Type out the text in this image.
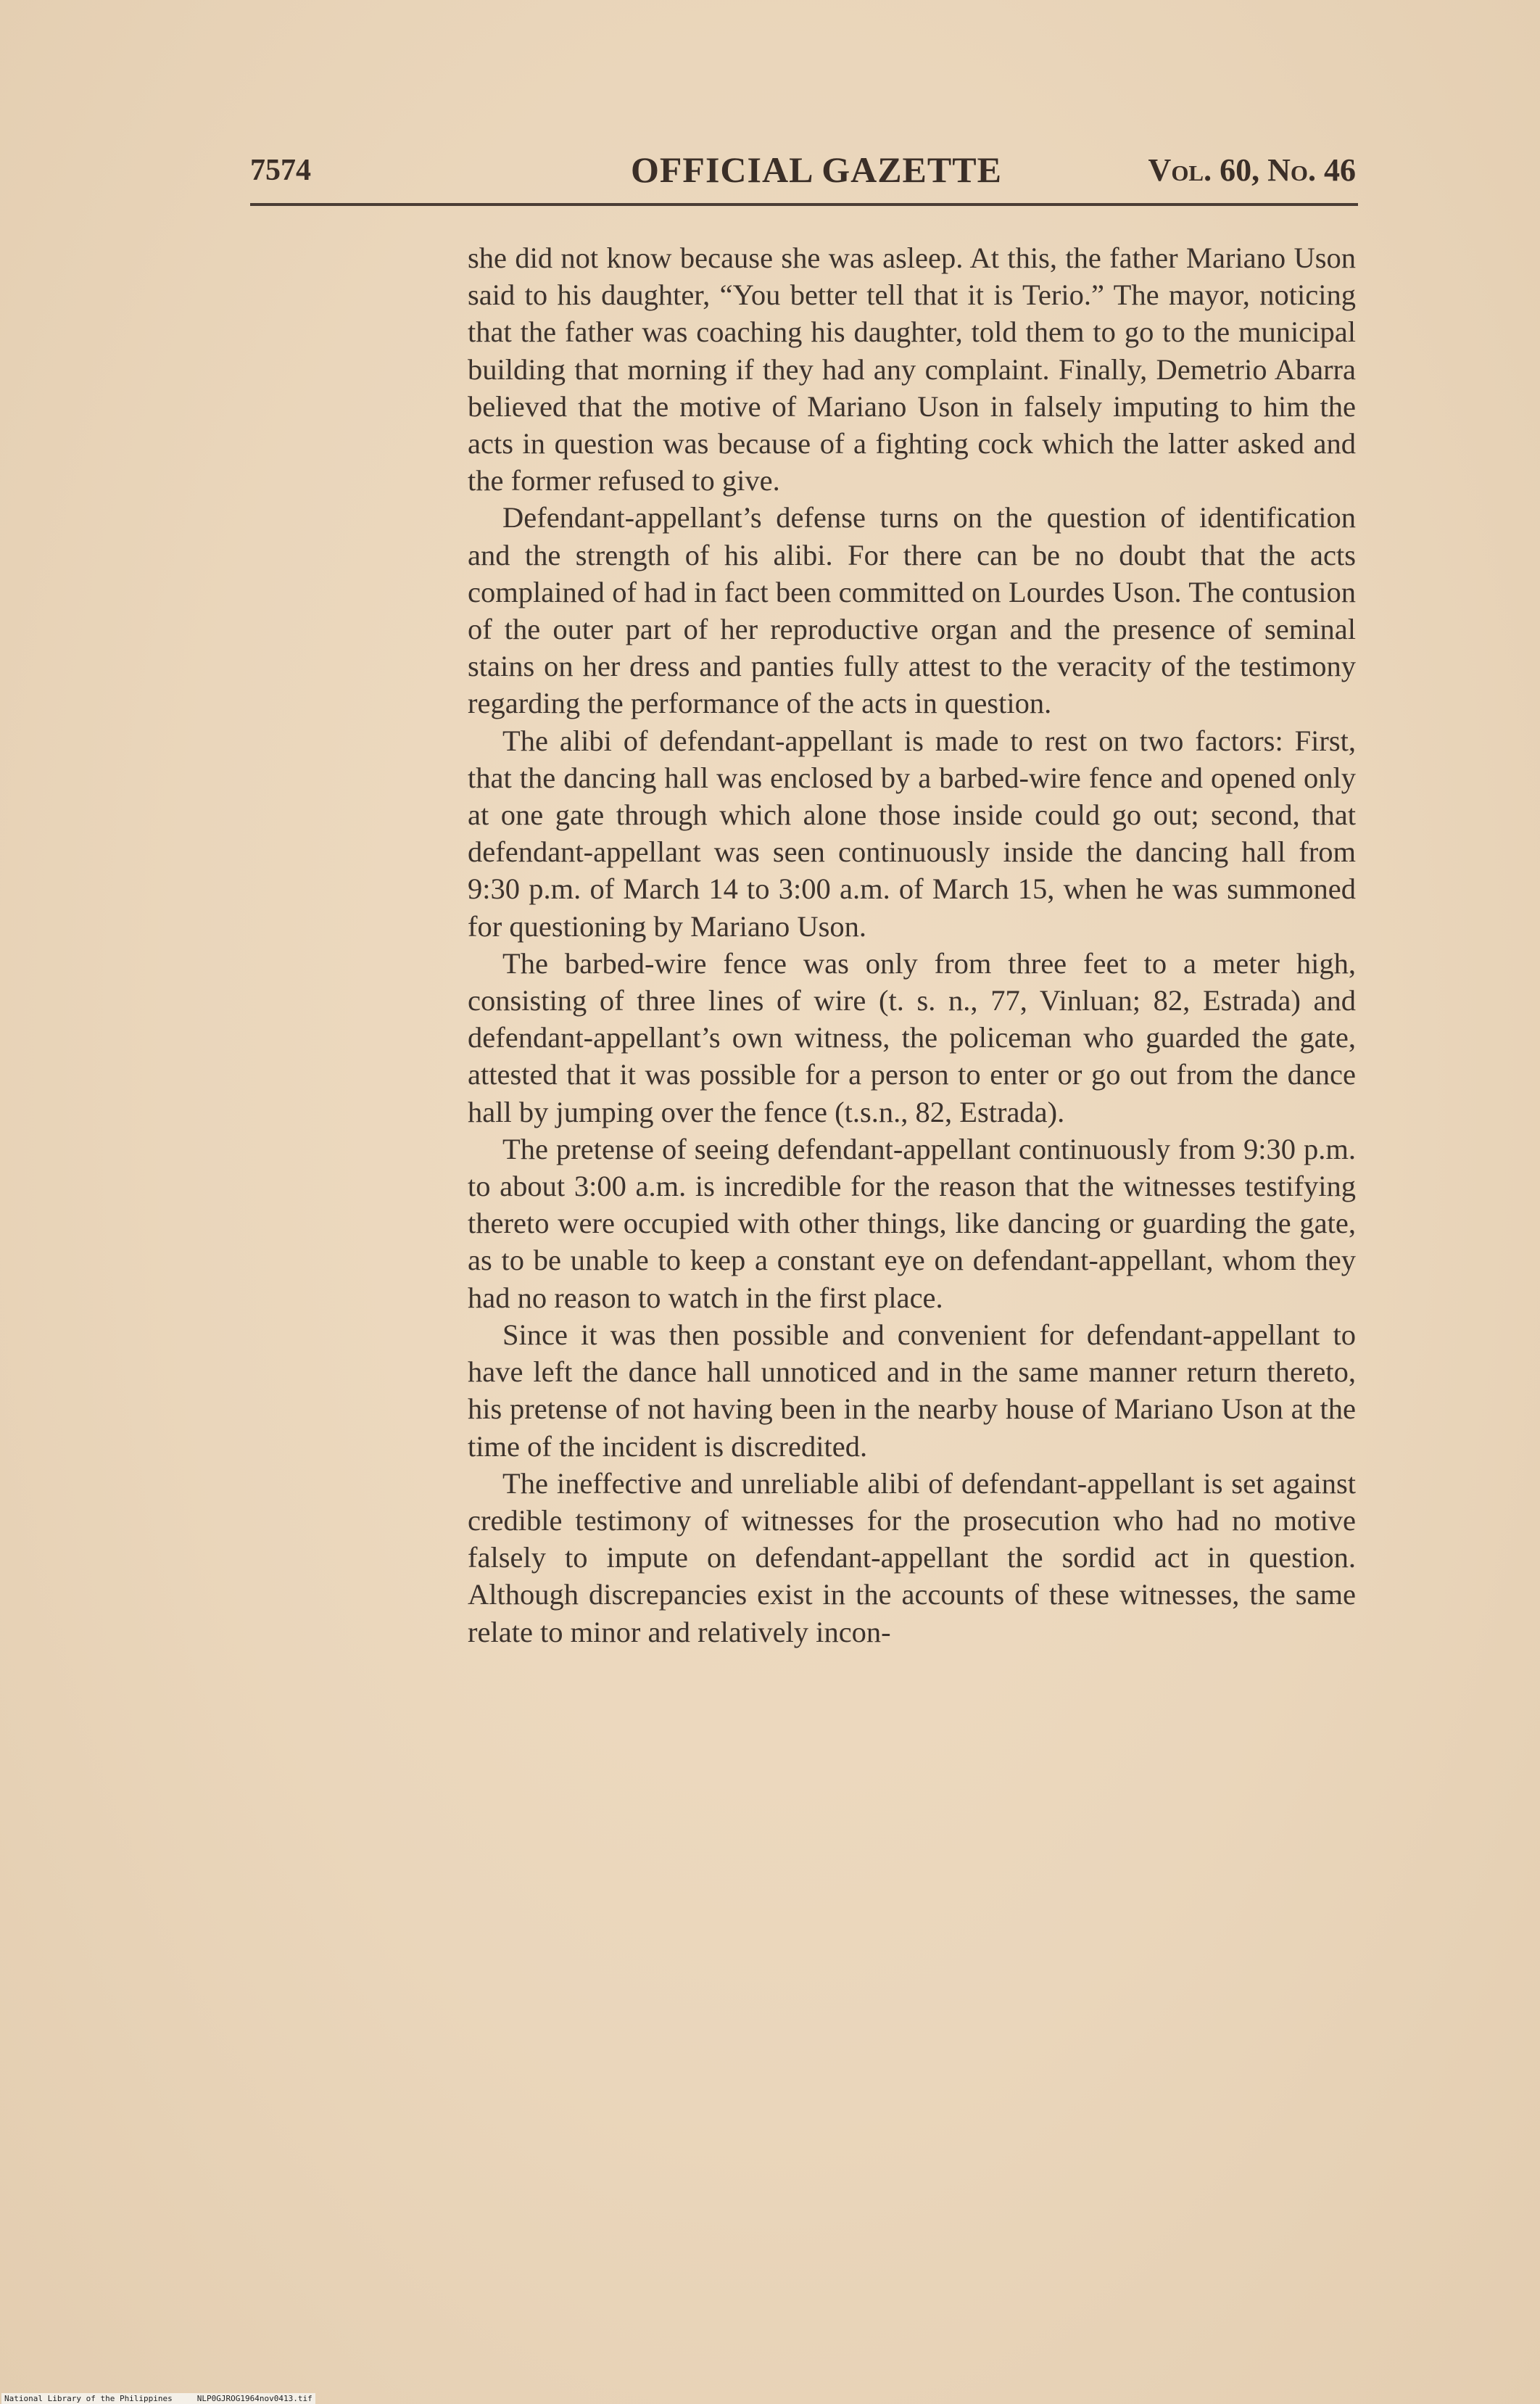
7574	OFFICIAL GAZETTE	Vol. 60, No. 46

she did not know because she was asleep. At this, the father Mariano Uson said to his daughter, “You better tell that it is Terio.” The mayor, noticing that the father was coaching his daughter, told them to go to the municipal building that morning if they had any complaint. Finally, Demetrio Abarra believed that the motive of Mariano Uson in falsely imputing to him the acts in question was because of a fighting cock which the latter asked and the former refused to give.

Defendant-appellant’s defense turns on the question of identification and the strength of his alibi. For there can be no doubt that the acts complained of had in fact been committed on Lourdes Uson. The contusion of the outer part of her reproductive organ and the presence of seminal stains on her dress and panties fully attest to the veracity of the testimony regarding the performance of the acts in question.

The alibi of defendant-appellant is made to rest on two factors: First, that the dancing hall was enclosed by a barbed-wire fence and opened only at one gate through which alone those inside could go out; second, that defendant-appellant was seen continuously inside the dancing hall from 9:30 p.m. of March 14 to 3:00 a.m. of March 15, when he was summoned for questioning by Mariano Uson.

The barbed-wire fence was only from three feet to a meter high, consisting of three lines of wire (t. s. n., 77, Vinluan; 82, Estrada) and defendant-appellant’s own witness, the policeman who guarded the gate, attested that it was possible for a person to enter or go out from the dance hall by jumping over the fence (t.s.n., 82, Estrada).

The pretense of seeing defendant-appellant continuously from 9:30 p.m. to about 3:00 a.m. is incredible for the reason that the witnesses testifying thereto were occupied with other things, like dancing or guarding the gate, as to be unable to keep a constant eye on defendant-appellant, whom they had no reason to watch in the first place.

Since it was then possible and convenient for defendant-appellant to have left the dance hall unnoticed and in the same manner return thereto, his pretense of not having been in the nearby house of Mariano Uson at the time of the incident is discredited.

The ineffective and unreliable alibi of defendant-appellant is set against credible testimony of witnesses for the prosecution who had no motive falsely to impute on defendant-appellant the sordid act in question. Although discrepancies exist in the accounts of these witnesses, the same relate to minor and relatively incon-

National Library of the Philippines	NLP0GJROG1964nov0413.tif
